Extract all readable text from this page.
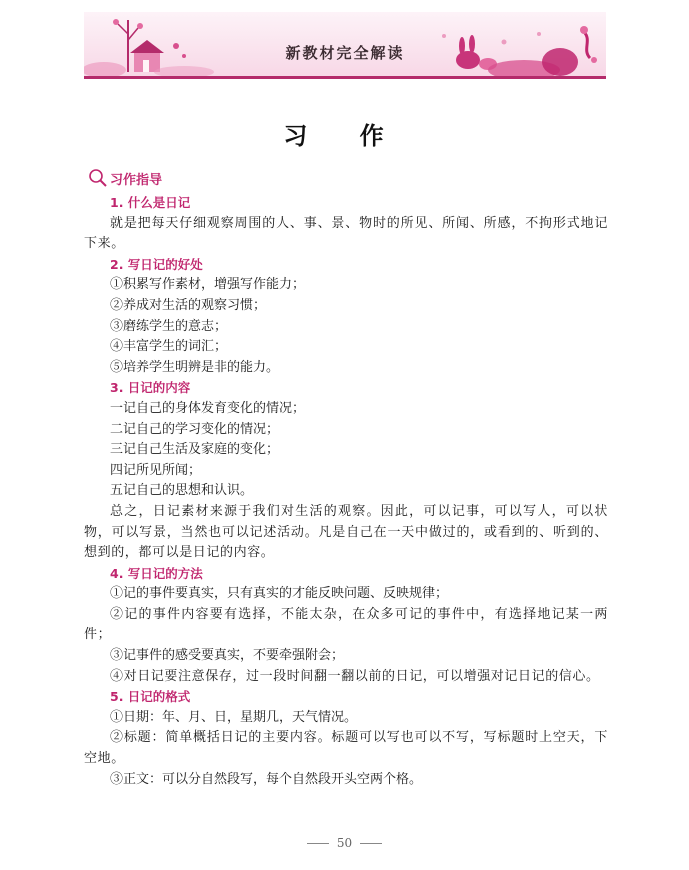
新教材完全解读
习 作
习作指导

1. 什么是日记

就是把每天仔细观察周围的人、事、景、物时的所见、所闻、所感，不拘形式地记下来。

2. 写日记的好处

①积累写作素材，增强写作能力；

②养成对生活的观察习惯；

③磨练学生的意志；

④丰富学生的词汇；

⑤培养学生明辨是非的能力。

3. 日记的内容

一记自己的身体发育变化的情况；

二记自己的学习变化的情况；

三记自己生活及家庭的变化；

四记所见所闻；

五记自己的思想和认识。

总之，日记素材来源于我们对生活的观察。因此，可以记事，可以写人，可以状物，可以写景，当然也可以记述活动。凡是自己在一天中做过的，或看到的、听到的、想到的，都可以是日记的内容。

4. 写日记的方法

①记的事件要真实，只有真实的才能反映问题、反映规律；

②记的事件内容要有选择，不能太杂，在众多可记的事件中，有选择地记某一两件；

③记事件的感受要真实，不要牵强附会；

④对日记要注意保存，过一段时间翻一翻以前的日记，可以增强对记日记的信心。

5. 日记的格式

①日期：年、月、日，星期几，天气情况。

②标题：简单概括日记的主要内容。标题可以写也可以不写，写标题时上空天，下空地。

③正文：可以分自然段写，每个自然段开头空两个格。

50
